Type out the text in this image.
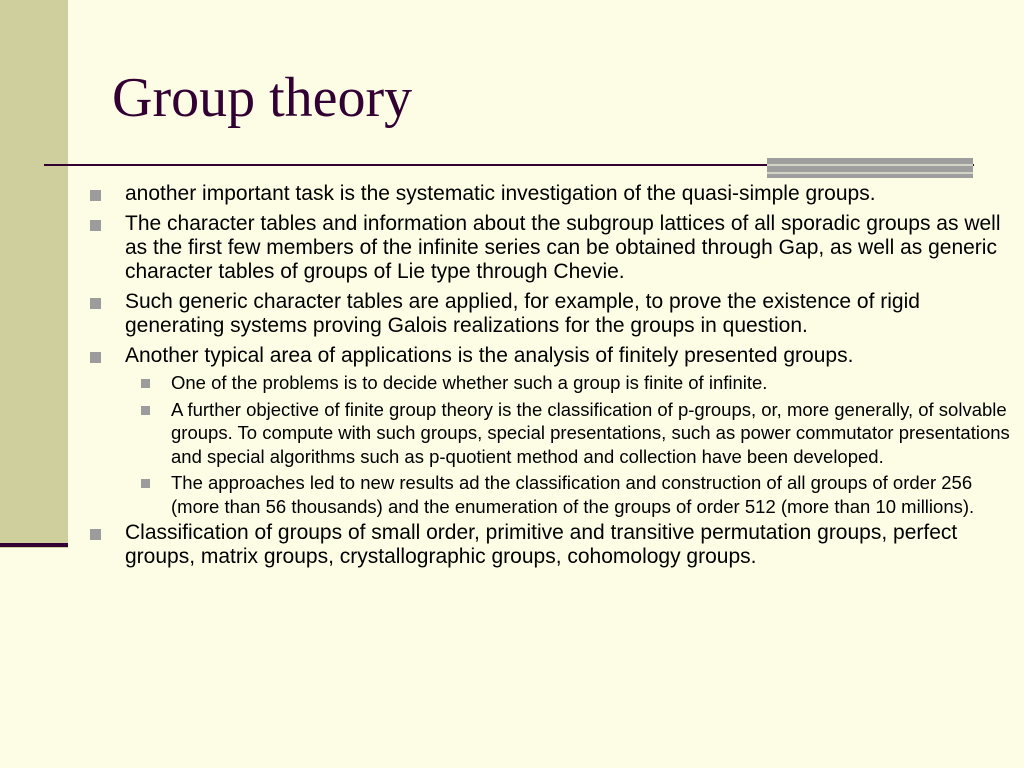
Group theory
another important task is the systematic investigation of the quasi-simple groups.
The character tables and information about the subgroup lattices of all sporadic groups as well as the first few members of the infinite series can be obtained through Gap, as well as generic character tables of groups of Lie type through Chevie.
Such generic character tables are applied, for example, to prove the existence of rigid generating systems proving Galois realizations for the groups in question.
Another typical area of applications is the analysis of finitely presented groups.
One of the problems is to decide whether such a group is finite of infinite.
A further objective of finite group theory is the classification of p-groups, or, more generally, of solvable groups. To compute with such groups, special presentations, such as power commutator presentations and special algorithms such as p-quotient method and collection have been developed.
The approaches led to new results ad the classification and construction of all groups of order 256 (more than 56 thousands) and the enumeration of the groups of order 512 (more than 10 millions).
Classification of groups of small order, primitive and transitive permutation groups, perfect groups, matrix groups, crystallographic groups, cohomology groups.
